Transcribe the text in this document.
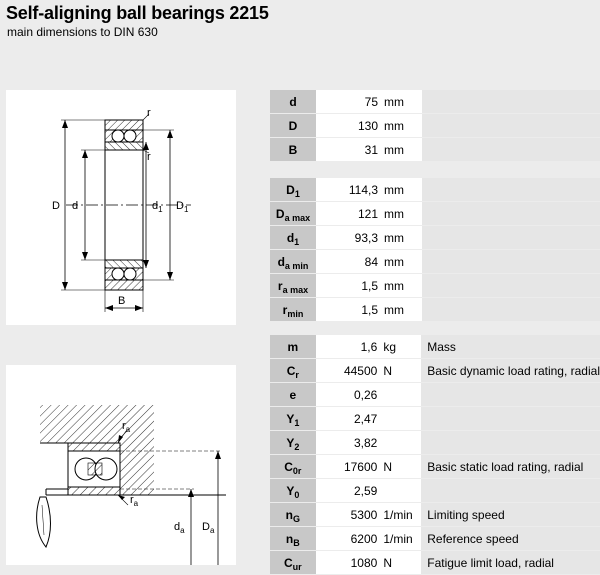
Self-aligning ball bearings 2215
main dimensions to DIN 630
D d	$d_1$ $D_1$
B
r
r
$r_a$
$r_a$
$d_a$ $D_a$
d	75	mm	
D	130	mm	
B	31	mm	
$D_1$	114,3	mm	
$D_{a max}$	121	mm	
$d_1$	93,3	mm	
$d_{a min}$	84	mm	
$r_{a max}$	1,5	mm	
$r_{min}$	1,5	mm	
m	1,6	kg	Mass
$C_r$	44500	N	Basic dynamic load rating, radial
e	0,26		
$Y_1$	2,47		
$Y_2$	3,82		
$C_{0r}$	17600	N	Basic static load rating, radial
$Y_0$	2,59		
$n_G$	5300	1/min	Limiting speed
$n_B$	6200	1/min	Reference speed
$C_{ur}$	1080	N	Fatigue limit load, radial
